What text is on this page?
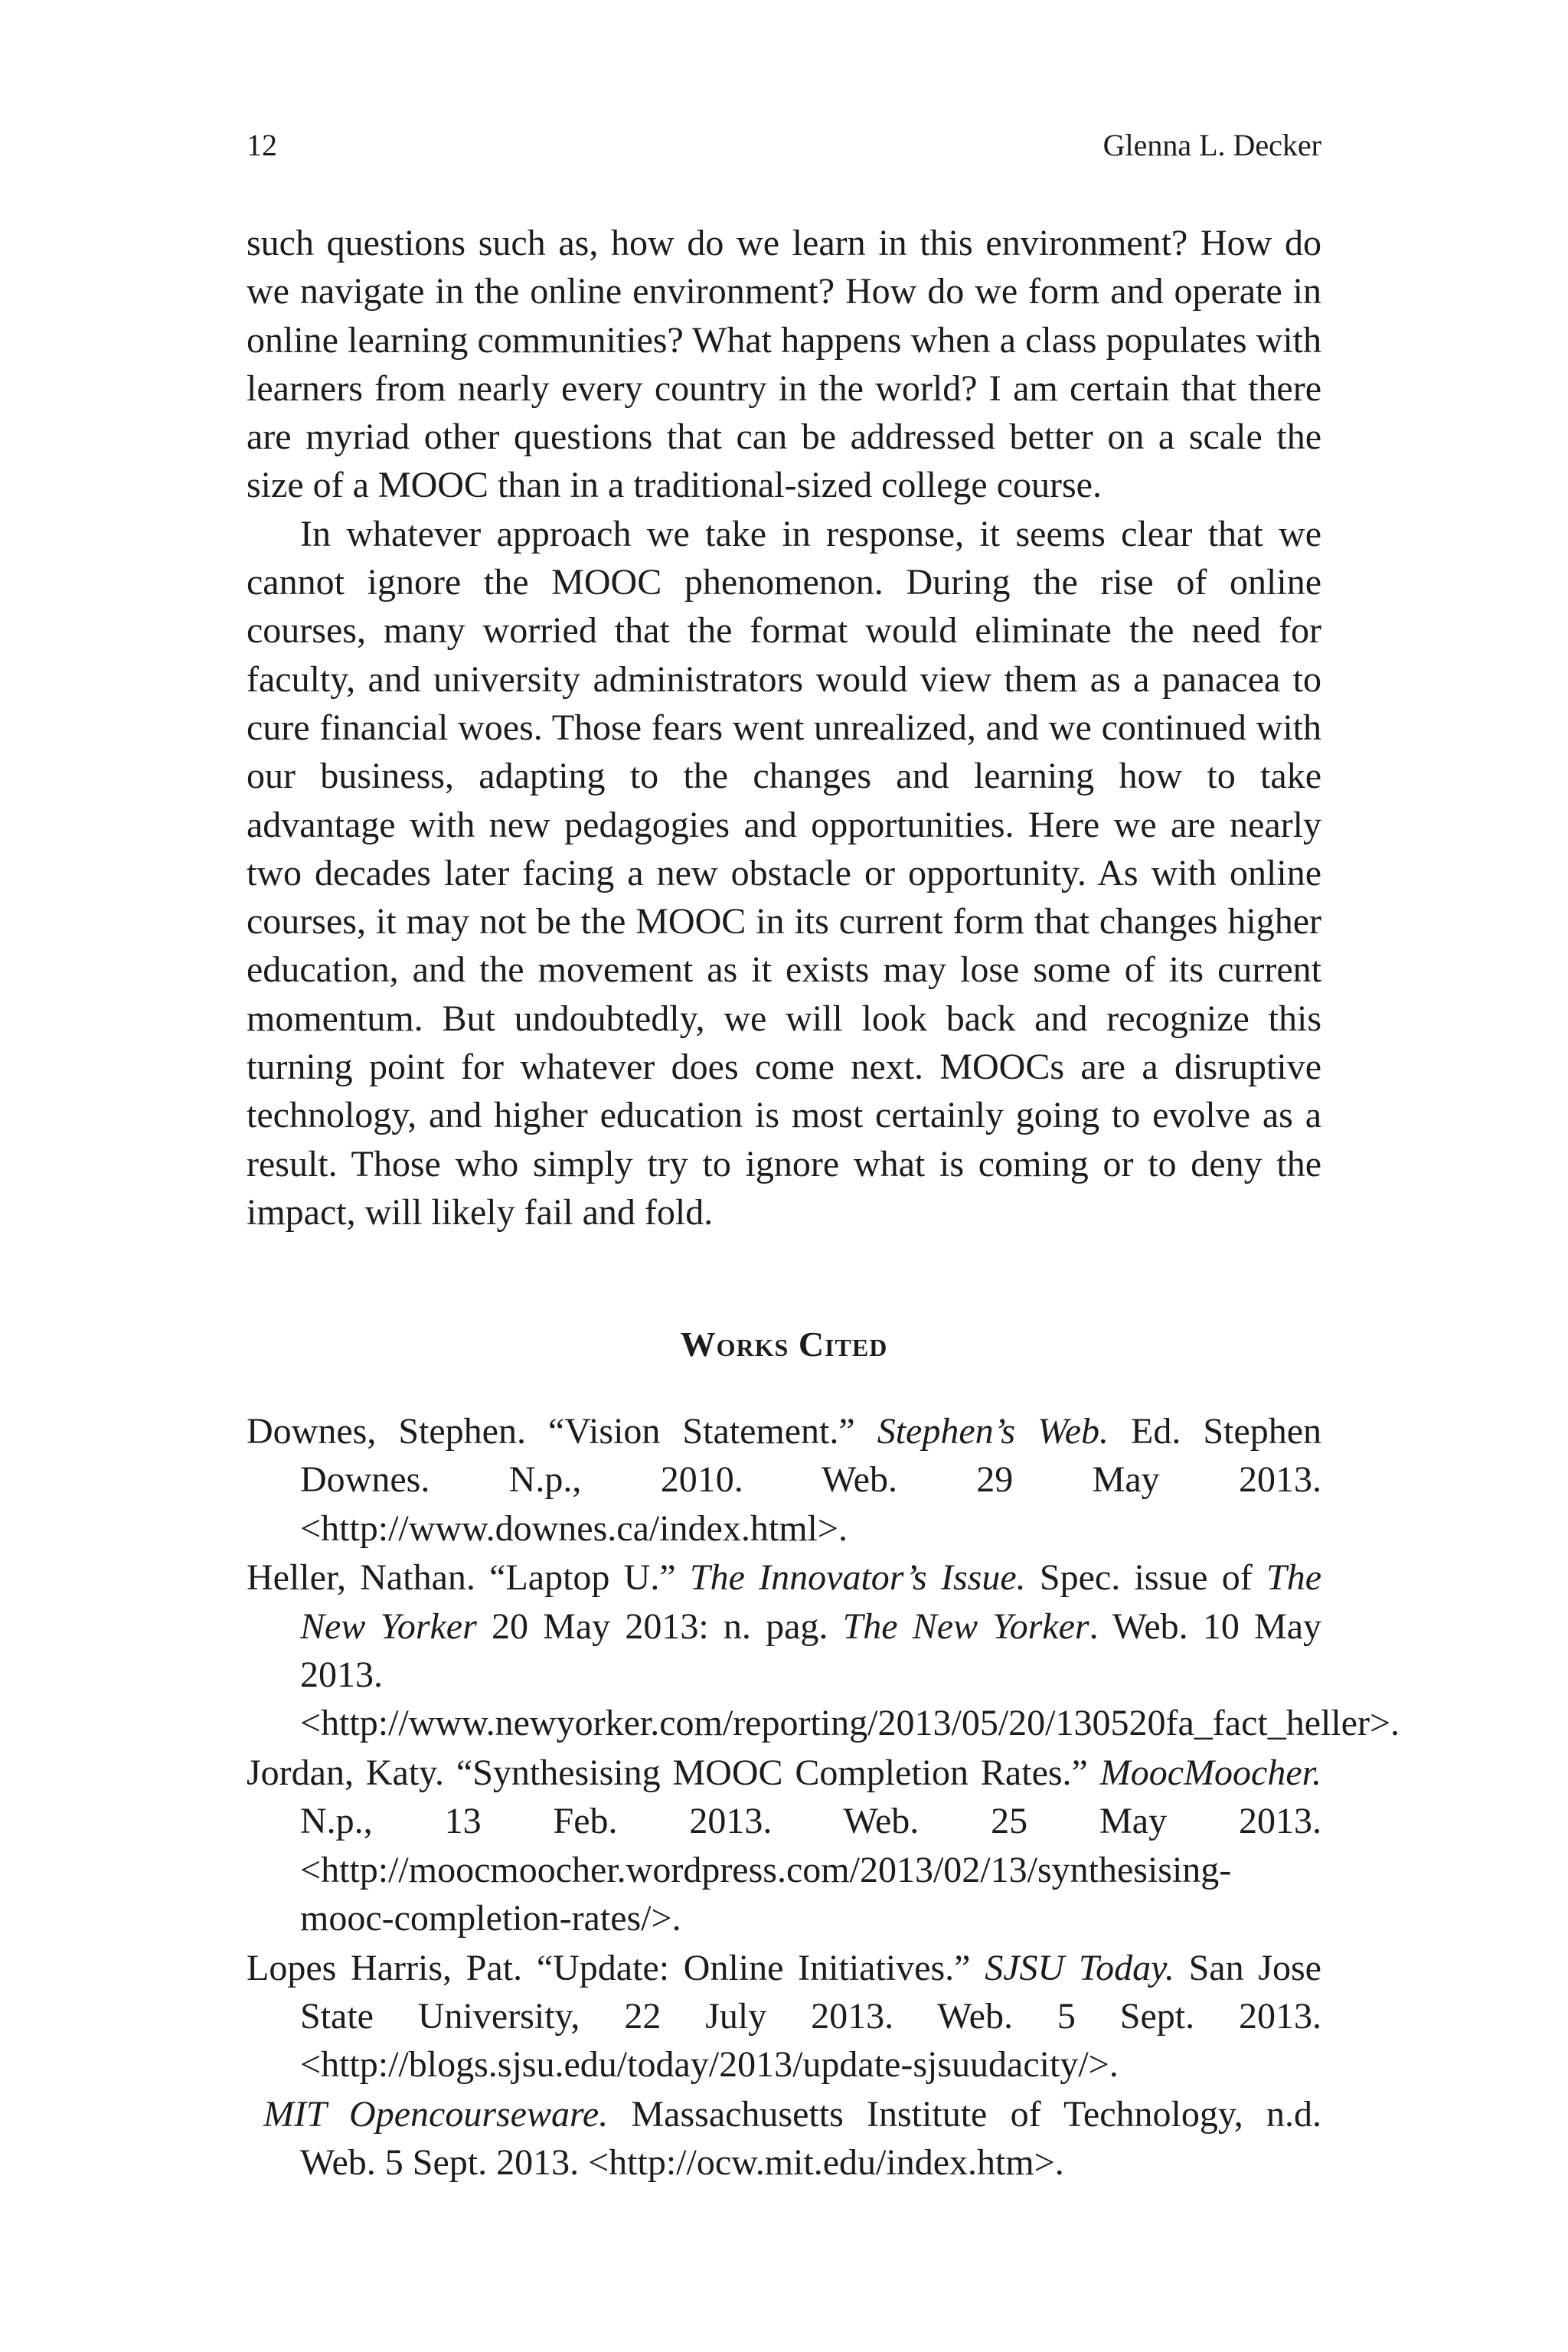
12	Glenna L. Decker

such questions such as, how do we learn in this environment? How do we navigate in the online environment? How do we form and operate in online learning communities? What happens when a class populates with learners from nearly every country in the world? I am certain that there are myriad other questions that can be addressed better on a scale the size of a MOOC than in a traditional-sized college course.

In whatever approach we take in response, it seems clear that we cannot ignore the MOOC phenomenon. During the rise of online courses, many worried that the format would eliminate the need for faculty, and university administrators would view them as a panacea to cure financial woes. Those fears went unrealized, and we continued with our business, adapting to the changes and learning how to take advantage with new pedagogies and opportunities. Here we are nearly two decades later facing a new obstacle or opportunity. As with online courses, it may not be the MOOC in its current form that changes higher education, and the movement as it exists may lose some of its current momentum. But undoubtedly, we will look back and recognize this turning point for whatever does come next. MOOCs are a disruptive technology, and higher education is most certainly going to evolve as a result. Those who simply try to ignore what is coming or to deny the impact, will likely fail and fold.

Works Cited

Downes, Stephen. “Vision Statement.” Stephen’s Web. Ed. Stephen Downes. N.p., 2010. Web. 29 May 2013. <http://www.downes.ca/index.html>.

Heller, Nathan. “Laptop U.” The Innovator’s Issue. Spec. issue of The New Yorker 20 May 2013: n. pag. The New Yorker. Web. 10 May 2013. <http://www.newyorker.com/reporting/2013/05/20/130520fa_fact_heller>.

Jordan, Katy. “Synthesising MOOC Completion Rates.” MoocMoocher. N.p., 13 Feb. 2013. Web. 25 May 2013. <http://moocmoocher.wordpress.com/2013/02/13/synthesising-mooc-completion-rates/>.

Lopes Harris, Pat. “Update: Online Initiatives.” SJSU Today. San Jose State University, 22 July 2013. Web. 5 Sept. 2013. <http://blogs.sjsu.edu/today/2013/update-sjsuudacity/>.

MIT Opencourseware. Massachusetts Institute of Technology, n.d. Web. 5 Sept. 2013. <http://ocw.mit.edu/index.htm>.
